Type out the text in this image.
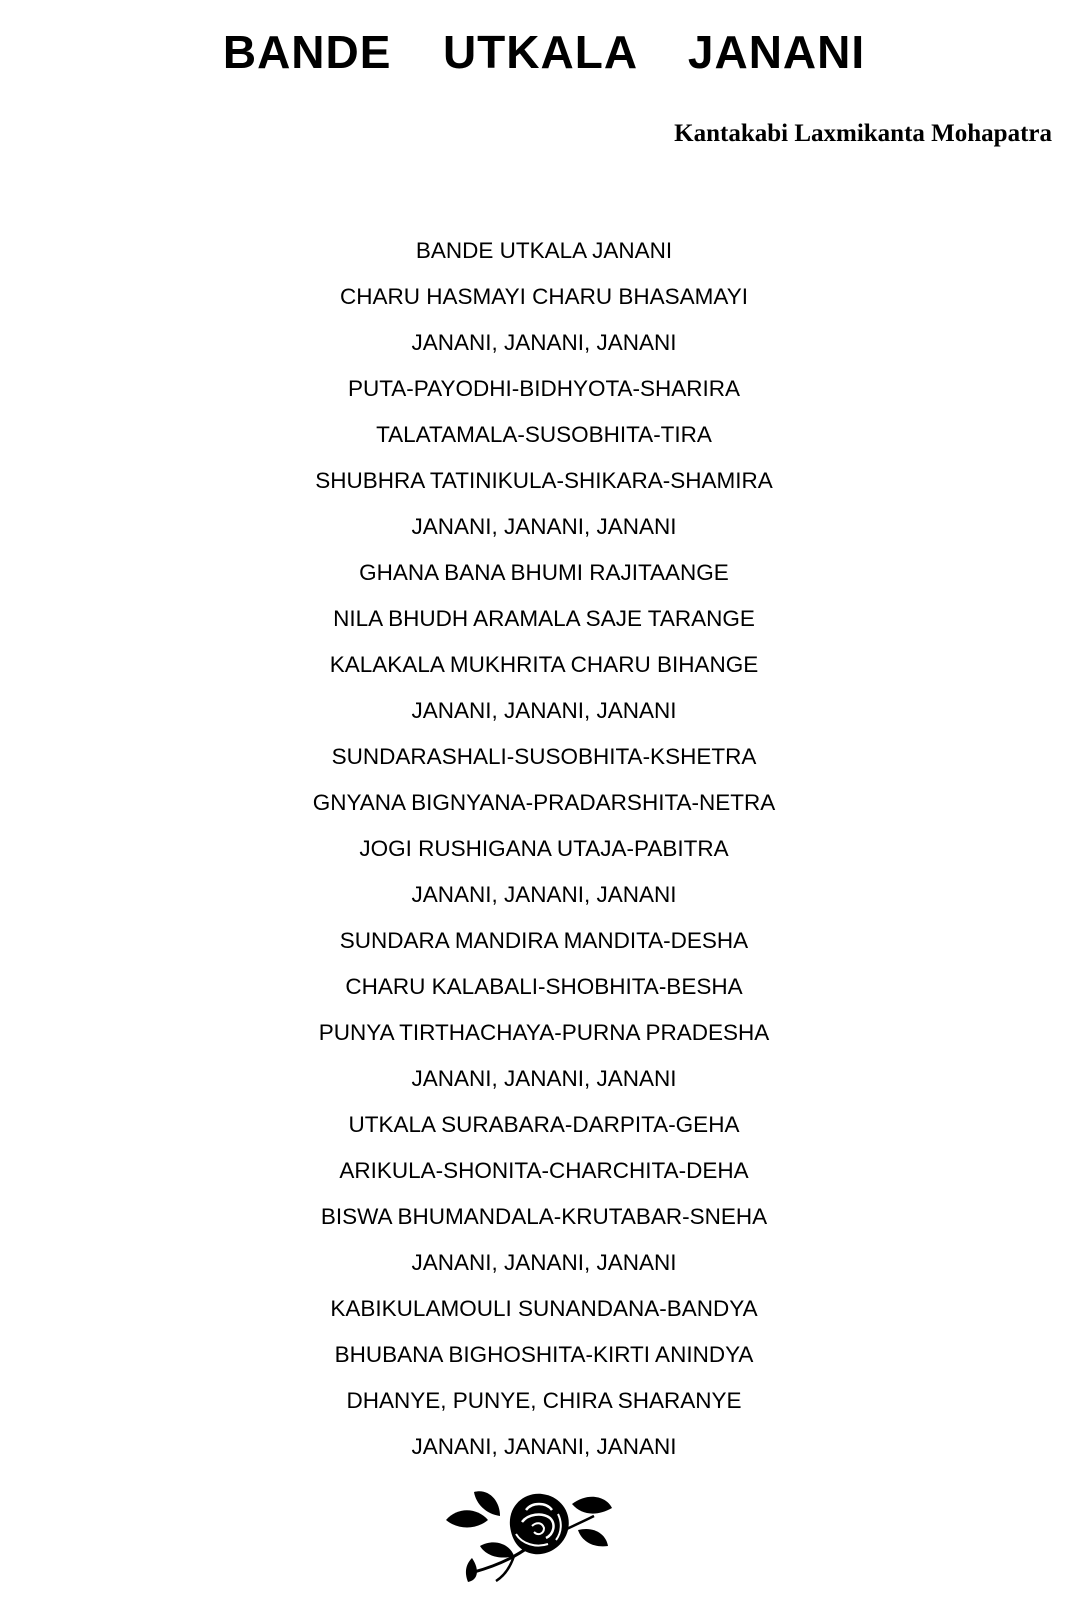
BANDE  UTKALA  JANANI
Kantakabi Laxmikanta Mohapatra
BANDE UTKALA JANANI
CHARU HASMAYI CHARU BHASAMAYI
JANANI, JANANI, JANANI
PUTA-PAYODHI-BIDHYOTA-SHARIRA
TALATAMALA-SUSOBHITA-TIRA
SHUBHRA TATINIKULA-SHIKARA-SHAMIRA
JANANI, JANANI, JANANI
GHANA BANA BHUMI RAJITAANGE
NILA BHUDH ARAMALA SAJE TARANGE
KALAKALA MUKHRITA CHARU BIHANGE
JANANI, JANANI, JANANI
SUNDARASHALI-SUSOBHITA-KSHETRA
GNYANA BIGNYANA-PRADARSHITA-NETRA
JOGI RUSHIGANA UTAJA-PABITRA
JANANI, JANANI, JANANI
SUNDARA MANDIRA MANDITA-DESHA
CHARU KALABALI-SHOBHITA-BESHA
PUNYA TIRTHACHAYA-PURNA PRADESHA
JANANI, JANANI, JANANI
UTKALA SURABARA-DARPITA-GEHA
ARIKULA-SHONITA-CHARCHITA-DEHA
BISWA BHUMANDALA-KRUTABAR-SNEHA
JANANI, JANANI, JANANI
KABIKULAMOULI SUNANDANA-BANDYA
BHUBANA BIGHOSHITA-KIRTI ANINDYA
DHANYE, PUNYE, CHIRA SHARANYE
JANANI, JANANI, JANANI
